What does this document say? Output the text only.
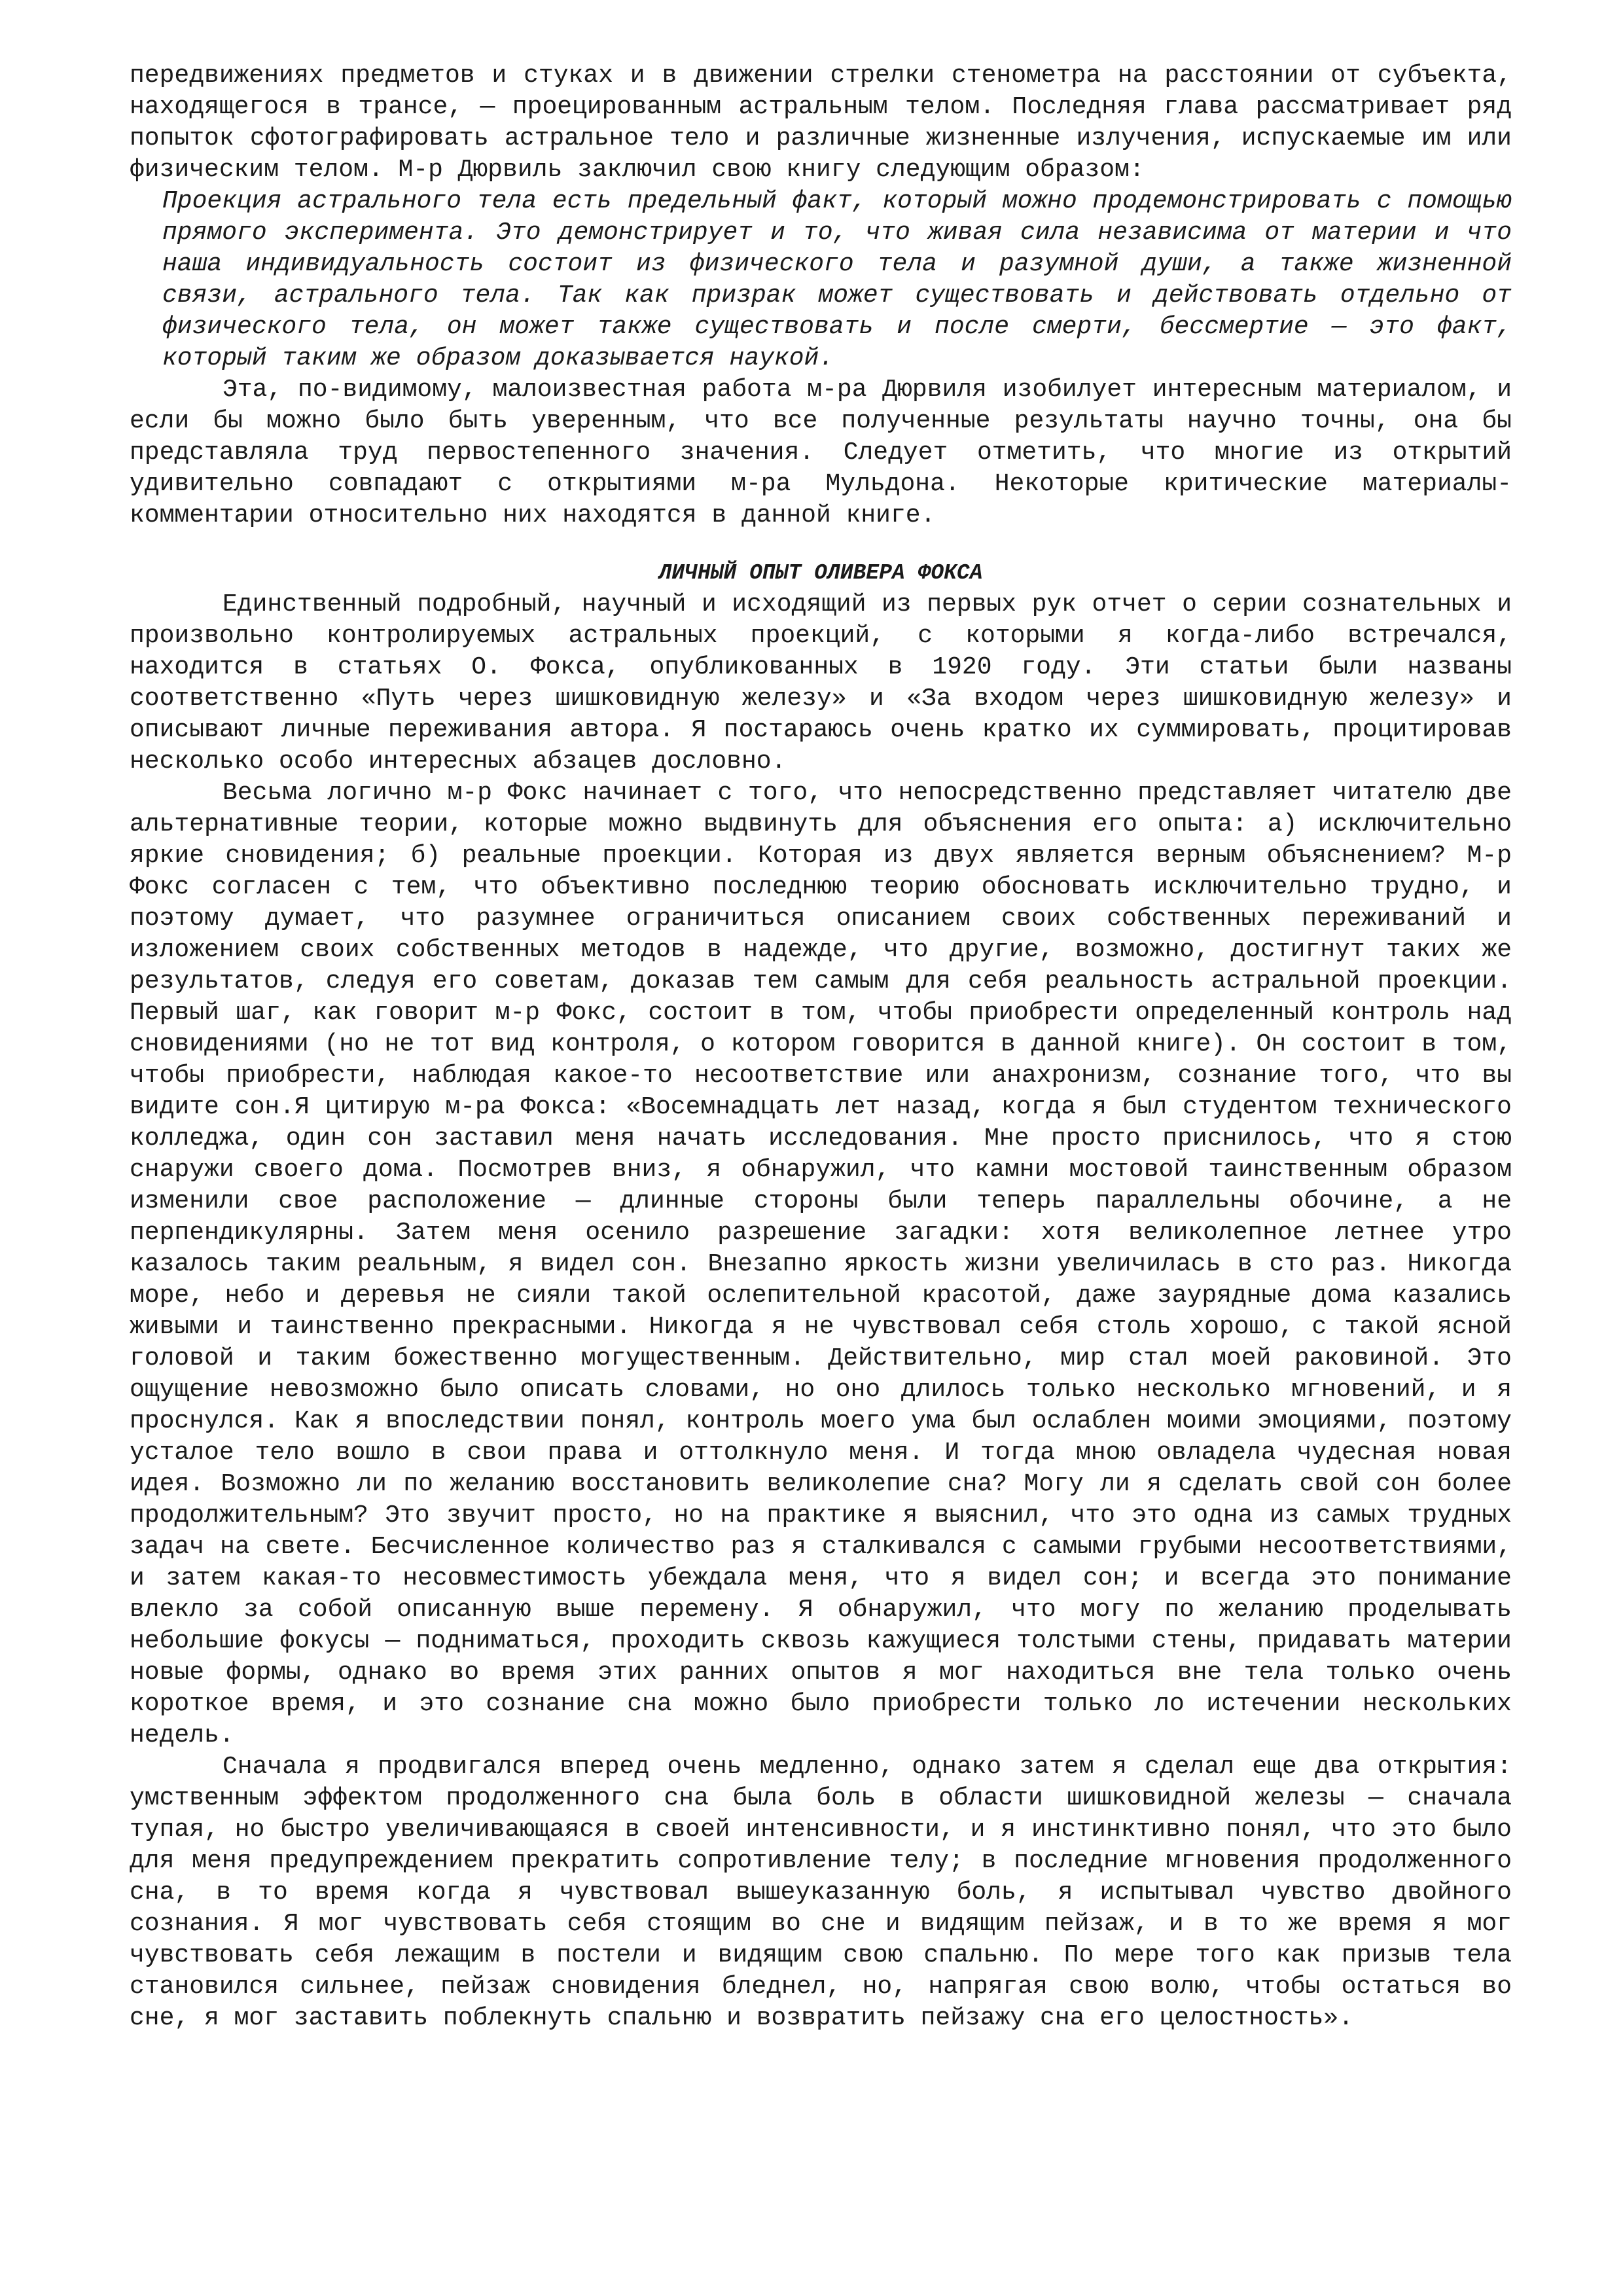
передвижениях предметов и стуках и в движении стрелки стенометра на расстоянии от субъекта, находящегося в трансе, — проецированным астральным телом. Последняя глава рассматривает ряд попыток сфотографировать астральное тело и различные жизненные излучения, испускаемые им или физическим телом. М-р Дюрвиль заключил свою книгу следующим образом:

Проекция астрального тела есть предельный факт, который можно продемонстрировать с помощью прямого эксперимента. Это демонстрирует и то, что живая сила независима от материи и что наша индивидуальность состоит из физического тела и разумной души, а также жизненной связи, астрального тела. Так как призрак может существовать и действовать отдельно от физического тела, он может также существовать и после смерти, бессмертие — это факт, который таким же образом доказывается наукой.

Эта, по-видимому, малоизвестная работа м-ра Дюрвиля изобилует интересным материалом, и если бы можно было быть уверенным, что все полученные результаты научно точны, она бы представляла труд первостепенного значения. Следует отметить, что многие из открытий удивительно совпадают с открытиями м-ра Мульдона. Некоторые критические материалы-комментарии относительно них находятся в данной книге.

ЛИЧНЫЙ ОПЫТ ОЛИВЕРА ФОКСА

Единственный подробный, научный и исходящий из первых рук отчет о серии сознательных и произвольно контролируемых астральных проекций, с которыми я когда-либо встречался, находится в статьях О. Фокса, опубликованных в 1920 году. Эти статьи были названы соответственно «Путь через шишковидную железу» и «За входом через шишковидную железу» и описывают личные переживания автора. Я постараюсь очень кратко их суммировать, процитировав несколько особо интересных абзацев дословно.

Весьма логично м-р Фокс начинает с того, что непосредственно представляет читателю две альтернативные теории, которые можно выдвинуть для объяснения его опыта: а) исключительно яркие сновидения; б) реальные проекции. Которая из двух является верным объяснением? М-р Фокс согласен с тем, что объективно последнюю теорию обосновать исключительно трудно, и поэтому думает, что разумнее ограничиться описанием своих собственных переживаний и изложением своих собственных методов в надежде, что другие, возможно, достигнут таких же результатов, следуя его советам, доказав тем самым для себя реальность астральной проекции. Первый шаг, как говорит м-р Фокс, состоит в том, чтобы приобрести определенный контроль над сновидениями (но не тот вид контроля, о котором говорится в данной книге). Он состоит в том, чтобы приобрести, наблюдая какое-то несоответствие или анахронизм, сознание того, что вы видите сон.Я цитирую м-ра Фокса: «Восемнадцать лет назад, когда я был студентом технического колледжа, один сон заставил меня начать исследования. Мне просто приснилось, что я стою снаружи своего дома. Посмотрев вниз, я обнаружил, что камни мостовой таинственным образом изменили свое расположение — длинные стороны были теперь параллельны обочине, а не перпендикулярны. Затем меня осенило разрешение загадки: хотя великолепное летнее утро казалось таким реальным, я видел сон. Внезапно яркость жизни увеличилась в сто раз. Никогда море, небо и деревья не сияли такой ослепительной красотой, даже заурядные дома казались живыми и таинственно прекрасными. Никогда я не чувствовал себя столь хорошо, с такой ясной головой и таким божественно могущественным. Действительно, мир стал моей раковиной. Это ощущение невозможно было описать словами, но оно длилось только несколько мгновений, и я проснулся. Как я впоследствии понял, контроль моего ума был ослаблен моими эмоциями, поэтому усталое тело вошло в свои права и оттолкнуло меня. И тогда мною овладела чудесная новая идея. Возможно ли по желанию восстановить великолепие сна? Могу ли я сделать свой сон более продолжительным? Это звучит просто, но на практике я выяснил, что это одна из самых трудных задач на свете. Бесчисленное количество раз я сталкивался с самыми грубыми несоответствиями, и затем какая-то несовместимость убеждала меня, что я видел сон; и всегда это понимание влекло за собой описанную выше перемену. Я обнаружил, что могу по желанию проделывать небольшие фокусы — подниматься, проходить сквозь кажущиеся толстыми стены, придавать материи новые формы, однако во время этих ранних опытов я мог находиться вне тела только очень короткое время, и это сознание сна можно было приобрести только ло истечении нескольких недель.

Сначала я продвигался вперед очень медленно, однако затем я сделал еще два открытия: умственным эффектом продолженного сна была боль в области шишковидной железы — сначала тупая, но быстро увеличивающаяся в своей интенсивности, и я инстинктивно понял, что это было для меня предупреждением прекратить сопротивление телу; в последние мгновения продолженного сна, в то время когда я чувствовал вышеуказанную боль, я испытывал чувство двойного сознания. Я мог чувствовать себя стоящим во сне и видящим пейзаж, и в то же время я мог чувствовать себя лежащим в постели и видящим свою спальню. По мере того как призыв тела становился сильнее, пейзаж сновидения бледнел, но, напрягая свою волю, чтобы остаться во сне, я мог заставить поблекнуть спальню и возвратить пейзажу сна его целостность».
